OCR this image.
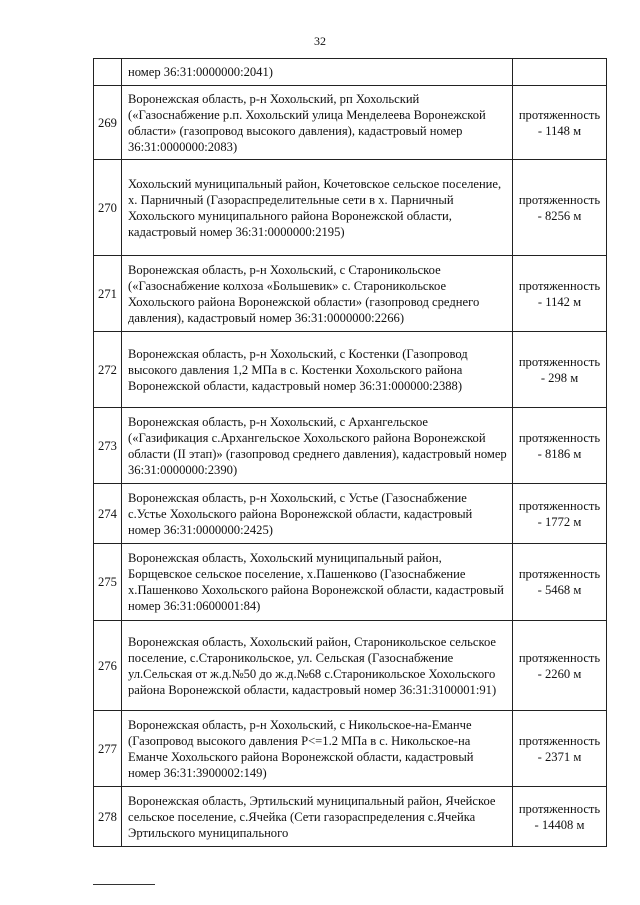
32
	номер 36:31:0000000:2041)	
269	Воронежская область, р-н Хохольский, рп Хохольский («Газоснабжение р.п. Хохольский улица Менделеева Воронежской области» (газопровод высокого давления), кадастровый номер 36:31:0000000:2083)	протяженность - 1148 м
270	Хохольский муниципальный район, Кочетовское сельское поселение, х. Парничный (Газораспределительные сети в х. Парничный Хохольского муниципального района Воронежской области, кадастровый номер 36:31:0000000:2195)	протяженность - 8256 м
271	Воронежская область, р-н Хохольский, с Староникольское («Газоснабжение колхоза «Большевик» с. Староникольское Хохольского района Воронежской области» (газопровод среднего давления), кадастровый номер 36:31:0000000:2266)	протяженность - 1142 м
272	Воронежская область, р-н Хохольский, с Костенки (Газопровод высокого давления 1,2 МПа в с. Костенки Хохольского района Воронежской области, кадастровый номер 36:31:000000:2388)	протяженность - 298 м
273	Воронежская область, р-н Хохольский, с Архангельское («Газификация с.Архангельское Хохольского района Воронежской области (II этап)» (газопровод среднего давления), кадастровый номер 36:31:0000000:2390)	протяженность - 8186 м
274	Воронежская область, р-н Хохольский, с Устье (Газоснабжение с.Устье Хохольского района Воронежской области, кадастровый номер 36:31:0000000:2425)	протяженность - 1772 м
275	Воронежская область, Хохольский муниципальный район, Борщевское сельское поселение, х.Пашенково (Газоснабжение х.Пашенково Хохольского района Воронежской области, кадастровый номер 36:31:0600001:84)	протяженность - 5468 м
276	Воронежская область, Хохольский район, Староникольское сельское поселение, с.Староникольское, ул. Сельская (Газоснабжение ул.Сельская от ж.д.№50 до ж.д.№68 с.Староникольское Хохольского района Воронежской области, кадастровый номер 36:31:3100001:91)	протяженность - 2260 м
277	Воронежская область, р-н Хохольский, с Никольское-на-Еманче (Газопровод высокого давления P<=1.2 МПа в с. Никольское-на Еманче Хохольского района Воронежской области, кадастровый номер 36:31:3900002:149)	протяженность - 2371 м
278	Воронежская область, Эртильский муниципальный район, Ячейское сельское поселение, с.Ячейка (Сети газораспределения с.Ячейка Эртильского муниципального	протяженность - 14408 м
